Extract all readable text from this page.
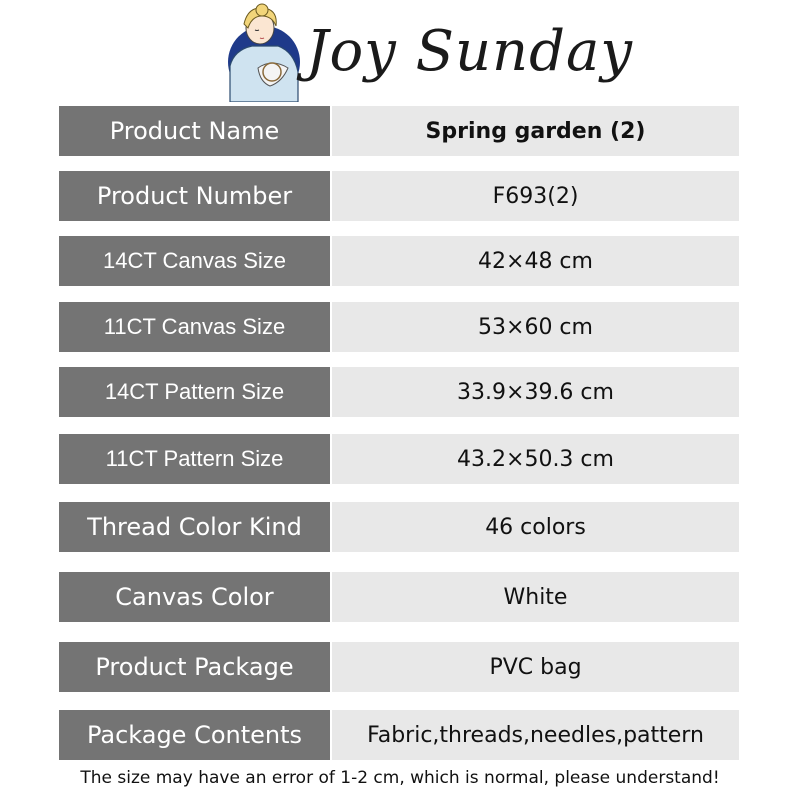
Joy Sunday
Product Name	Spring garden (2)
Product Number	F693(2)
14CT Canvas Size	42×48 cm
11CT Canvas Size	53×60 cm
14CT Pattern Size	33.9×39.6 cm
11CT Pattern Size	43.2×50.3 cm
Thread Color Kind	46 colors
Canvas Color	White
Product Package	PVC bag
Package Contents	Fabric,threads,needles,pattern
The size may have an error of 1-2 cm, which is normal, please understand!
